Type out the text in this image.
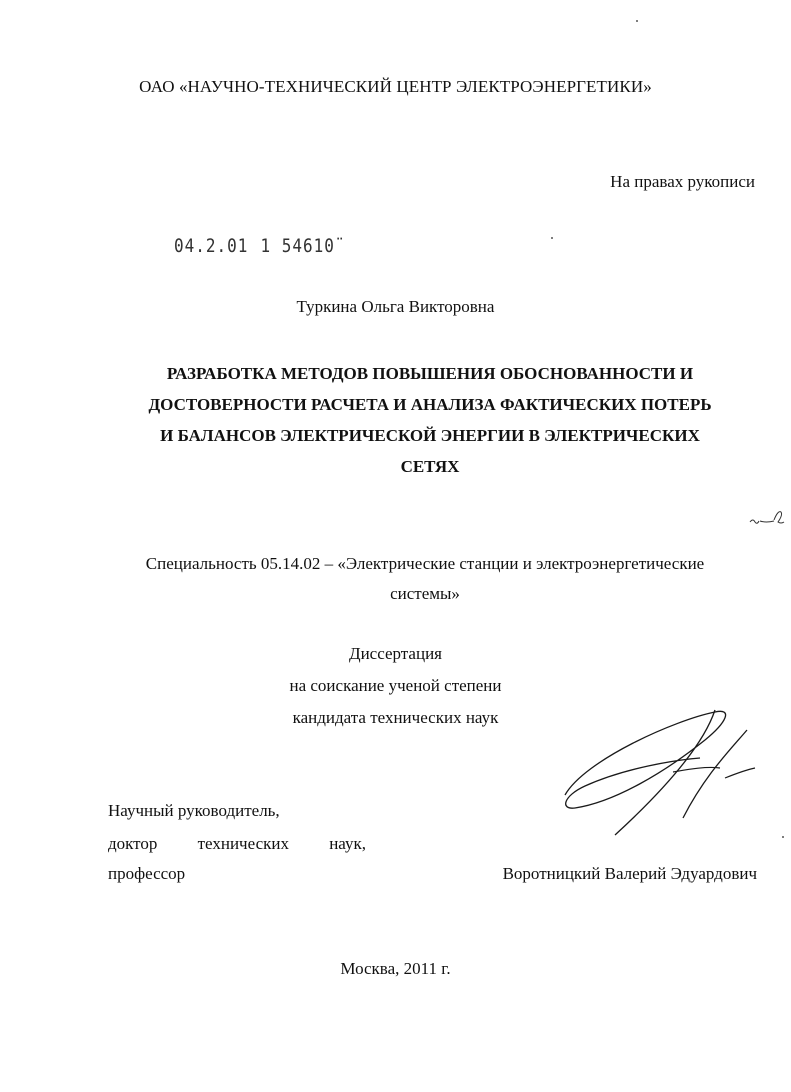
ОАО «НАУЧНО-ТЕХНИЧЕСКИЙ ЦЕНТР ЭЛЕКТРОЭНЕРГЕТИКИ»
На правах рукописи
04.2.01 1 54610¨
Туркина Ольга Викторовна
РАЗРАБОТКА МЕТОДОВ ПОВЫШЕНИЯ ОБОСНОВАННОСТИ И
ДОСТОВЕРНОСТИ РАСЧЕТА И АНАЛИЗА ФАКТИЧЕСКИХ ПОТЕРЬ
И БАЛАНСОВ ЭЛЕКТРИЧЕСКОЙ ЭНЕРГИИ В ЭЛЕКТРИЧЕСКИХ
СЕТЯХ
Специальность 05.14.02 – «Электрические станции и электроэнергетические
системы»
Диссертация
на соискание ученой степени
кандидата технических наук
Научный руководитель,
доктор технических наук,
профессор	Воротницкий Валерий Эдуардович
Москва, 2011 г.
